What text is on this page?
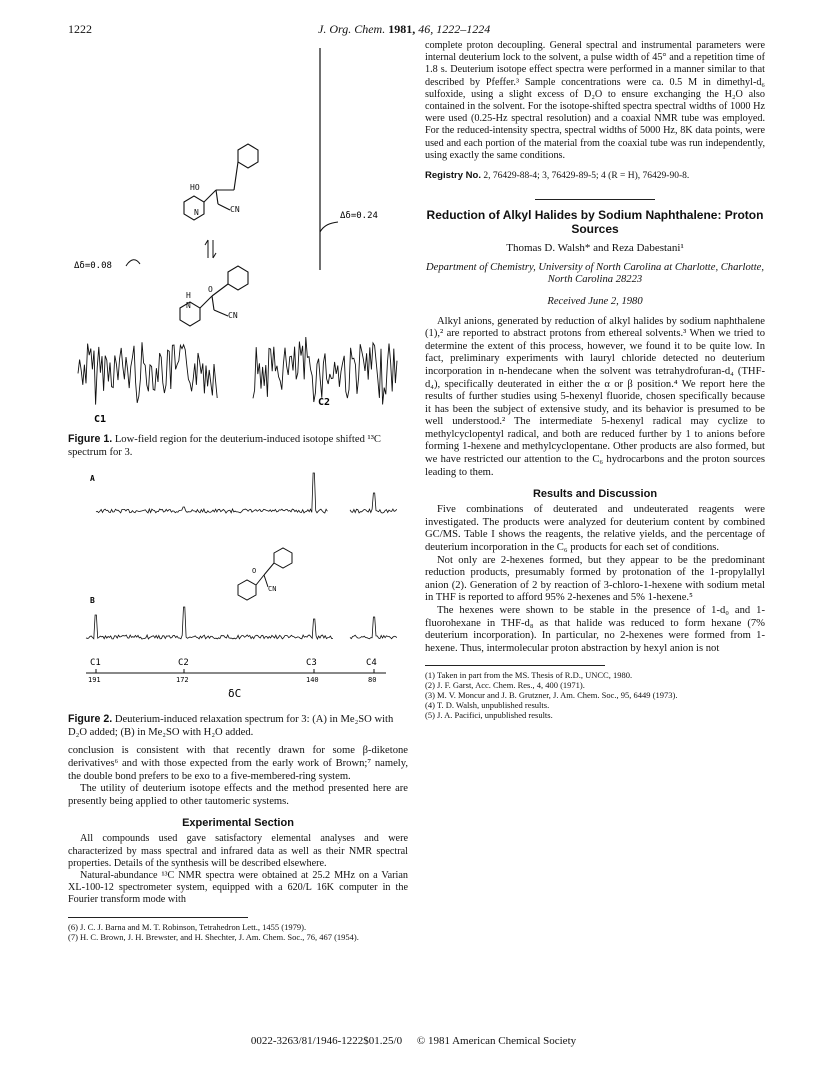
1222	J. Org. Chem. 1981, 46, 1222–1224
Δδ=0.24
Δδ=0.08
HO
N	CN
O
H
N
CN
C1
C2
Figure 1. Low-field region for the deuterium-induced isotope shifted ¹³C spectrum for 3.
A
O
CN
B
C1	C2	C3	C4
191	172	140	80
δC
Figure 2. Deuterium-induced relaxation spectrum for 3: (A) in Me₂SO with D₂O added; (B) in Me₂SO with H₂O added.

conclusion is consistent with that recently drawn for some β-diketone derivatives⁶ and with those expected from the early work of Brown;⁷ namely, the double bond prefers to be exo to a five-membered-ring system.

The utility of deuterium isotope effects and the method presented here are presently being applied to other tautomeric systems.

Experimental Section

All compounds used gave satisfactory elemental analyses and were characterized by mass spectral and infrared data as well as their NMR spectral properties. Details of the synthesis will be described elsewhere.

Natural-abundance ¹³C NMR spectra were obtained at 25.2 MHz on a Varian XL-100-12 spectrometer system, equipped with a 620/L 16K computer in the Fourier transform mode with

(6) J. C. J. Barna and M. T. Robinson, Tetrahedron Lett., 1455 (1979).
(7) H. C. Brown, J. H. Brewster, and H. Shechter, J. Am. Chem. Soc., 76, 467 (1954).

complete proton decoupling. General spectral and instrumental parameters were internal deuterium lock to the solvent, a pulse width of 45° and a repetition time of 1.8 s. Deuterium isotope effect spectra were performed in a manner similar to that described by Pfeffer.³ Sample concentrations were ca. 0.5 M in dimethyl-d₆ sulfoxide, using a slight excess of D₂O to ensure exchanging the H₂O also contained in the solvent. For the isotope-shifted spectra spectral widths of 1000 Hz were used (0.25-Hz spectral resolution) and a coaxial NMR tube was employed. For the reduced-intensity spectra, spectral widths of 5000 Hz, 8K data points, were used and each portion of the material from the coaxial tube was run independently, using exactly the same conditions.

Registry No. 2, 76429-88-4; 3, 76429-89-5; 4 (R = H), 76429-90-8.
Reduction of Alkyl Halides by Sodium Naphthalene: Proton Sources
Thomas D. Walsh* and Reza Dabestani¹
Department of Chemistry, University of North Carolina at Charlotte, Charlotte, North Carolina 28223
Received June 2, 1980

Alkyl anions, generated by reduction of alkyl halides by sodium naphthalene (1),² are reported to abstract protons from ethereal solvents.³ When we tried to determine the extent of this process, however, we found it to be quite low. In fact, preliminary experiments with lauryl chloride detected no deuterium incorporation in n-hendecane when the solvent was tetrahydrofuran-d₄ (THF-d₄), specifically deuterated in either the α or β position.⁴ We report here the results of further studies using 5-hexenyl fluoride, chosen specifically because it has been the subject of extensive study, and its behavior is presumed to be well understood.² The intermediate 5-hexenyl radical may cyclize to methylcyclopentyl radical, and both are reduced further by 1 to anions before forming 1-hexene and methylcyclopentane. Other products are also formed, but we have restricted our attention to the C₆ hydrocarbons and the proton sources leading to them.

Results and Discussion

Five combinations of deuterated and undeuterated reagents were investigated. The products were analyzed for deuterium content by combined GC/MS. Table I shows the reagents, the relative yields, and the percentage of deuterium incorporation in the C₆ products for each set of conditions.

Not only are 2-hexenes formed, but they appear to be the predominant reduction products, presumably formed by protonation of the 1-propylallyl anion (2). Generation of 2 by reaction of 3-chloro-1-hexene with sodium metal in THF is reported to afford 95% 2-hexenes and 5% 1-hexene.⁵

The hexenes were shown to be stable in the presence of 1-d₀ and 1-fluorohexane in THF-d₈ as that halide was reduced to form hexane (7% deuterium incorporation). In particular, no 2-hexenes were formed from 1-hexene. Thus, intermolecular proton abstraction by hexyl anion is not

(1) Taken in part from the MS. Thesis of R.D., UNCC, 1980.
(2) J. F. Garst, Acc. Chem. Res., 4, 400 (1971).
(3) M. V. Moncur and J. B. Grutzner, J. Am. Chem. Soc., 95, 6449 (1973).
(4) T. D. Walsh, unpublished results.
(5) J. A. Pacifici, unpublished results.
0022-3263/81/1946-1222$01.25/0 © 1981 American Chemical Society
